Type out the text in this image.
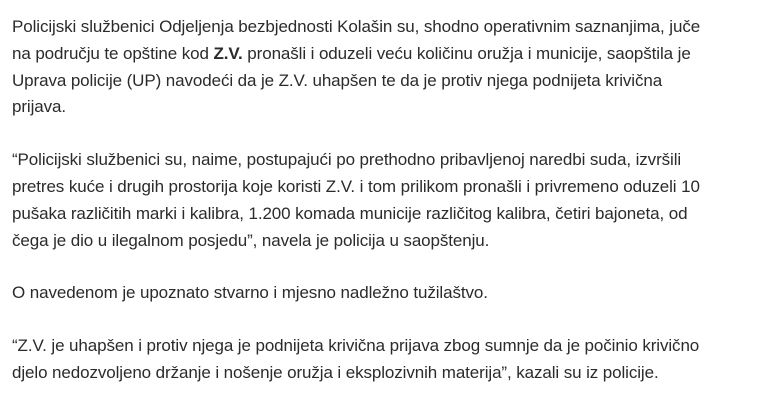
Policijski službenici Odjeljenja bezbjednosti Kolašin su, shodno operativnim saznanjima, juče
na području te opštine kod Z.V. pronašli i oduzeli veću količinu oružja i municije, saopštila je
Uprava policije (UP) navodeći da je Z.V. uhapšen te da je protiv njega podnijeta krivična
prijava.

“Policijski službenici su, naime, postupajući po prethodno pribavljenoj naredbi suda, izvršili
pretres kuće i drugih prostorija koje koristi Z.V. i tom prilikom pronašli i privremeno oduzeli 10
pušaka različitih marki i kalibra, 1.200 komada municije različitog kalibra, četiri bajoneta, od
čega je dio u ilegalnom posjedu”, navela je policija u saopštenju.

O navedenom je upoznato stvarno i mjesno nadležno tužilaštvo.

“Z.V. je uhapšen i protiv njega je podnijeta krivična prijava zbog sumnje da je počinio krivično
djelo nedozvoljeno držanje i nošenje oružja i eksplozivnih materija”, kazali su iz policije.
